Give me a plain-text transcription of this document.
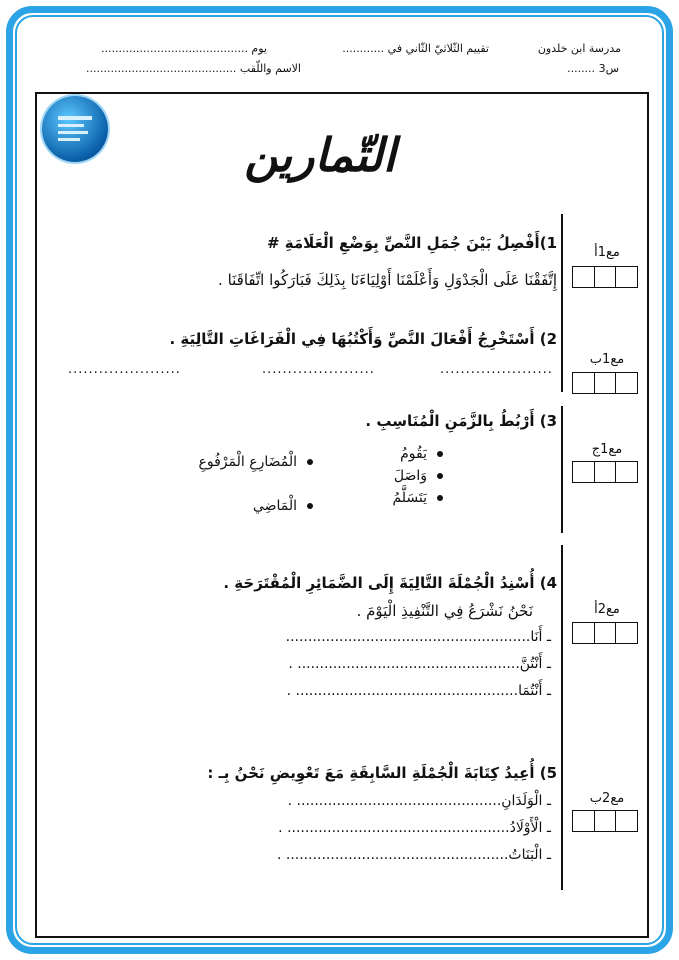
مدرسة ابن خلدون
س3 ........
تقييم الثّلاثيّ الثّاني في ............
يوم ..........................................
الاسم واللّقب ...........................................
التّمارين
مع1أ
مع1ب
مع1ج
مع2أ
مع2ب
1)أَفْصِلُ بَيْنَ جُمَلِ النَّصِّ بِوَضْعِ الْعَلَامَةِ #
إِتَّفَقْنَا عَلَى الْجَدْوَلِ وَأَعْلَمْنَا أَوْلِيَاءَنَا بِذَلِكَ فَبَارَكُوا اتِّفَاقَنَا .
2) أَسْتَخْرِجُ أَفْعَالَ النَّصِّ وَأَكْتُبُهَا فِي الْفَرَاغَاتِ التَّالِيَةِ .
......................
......................
......................
3) أَرْبُطُ بِالزَّمَنِ الْمُنَاسِبِ .
يَقُومُ
وَاصَلَ
يَتَسَلَّمُ
الْمُضَارِعِ الْمَرْفُوعِ
الْمَاضِي
4) أُسْنِدُ الْجُمْلَةَ التَّالِيَةَ إِلَى الضَّمَائِرِ الْمُقْتَرَحَةِ .
نَحْنُ نَشْرَعُ فِي التَّنْفِيذِ الْيَوْمَ .
ـ أَنَا.......................................................
ـ أَنْتُنَّ.................................................. .
ـ أَنْتُمَا.................................................. .
5) أُعِيدُ كِتَابَةَ الْجُمْلَةِ السَّابِقَةِ مَعَ تَعْوِيضِ نَحْنُ بِـ :
ـ الْوَلَدَانِ.............................................. .
ـ الْأَوْلَادُ.................................................. .
ـ الْبَنَاتُ.................................................. .
